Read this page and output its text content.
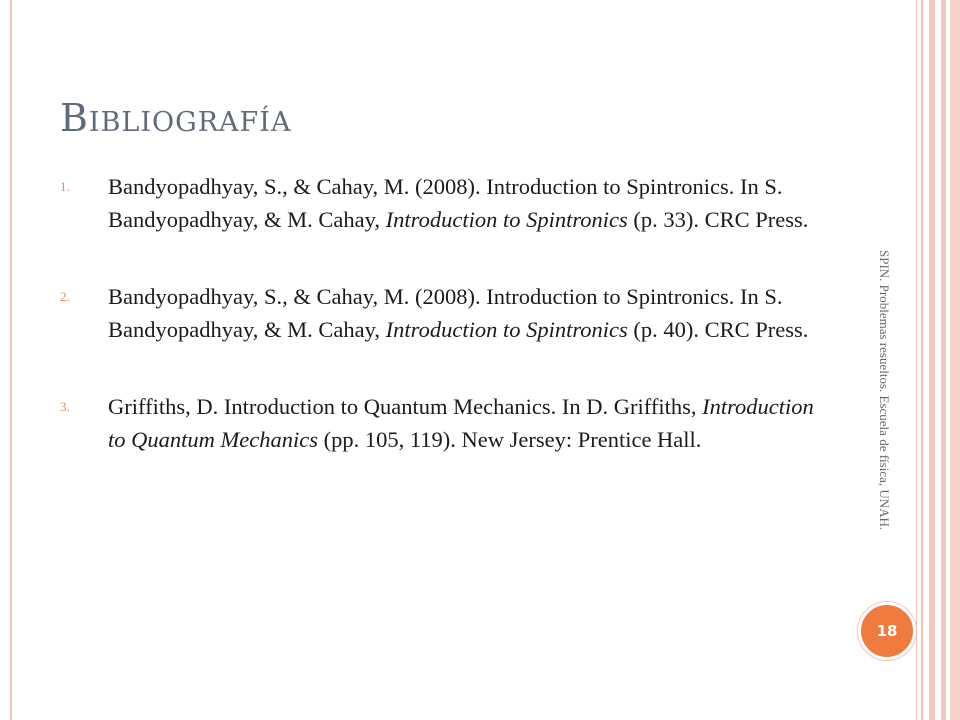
Bibliografía
1. Bandyopadhyay, S., & Cahay, M. (2008). Introduction to Spintronics. In S. Bandyopadhyay, & M. Cahay, Introduction to Spintronics (p. 33). CRC Press.
2. Bandyopadhyay, S., & Cahay, M. (2008). Introduction to Spintronics. In S. Bandyopadhyay, & M. Cahay, Introduction to Spintronics (p. 40). CRC Press.
3. Griffiths, D. Introduction to Quantum Mechanics. In D. Griffiths, Introduction to Quantum Mechanics (pp. 105, 119). New Jersey: Prentice Hall.	SPIN. Problemas resueltos. Escuela de física, UNAH.
18
